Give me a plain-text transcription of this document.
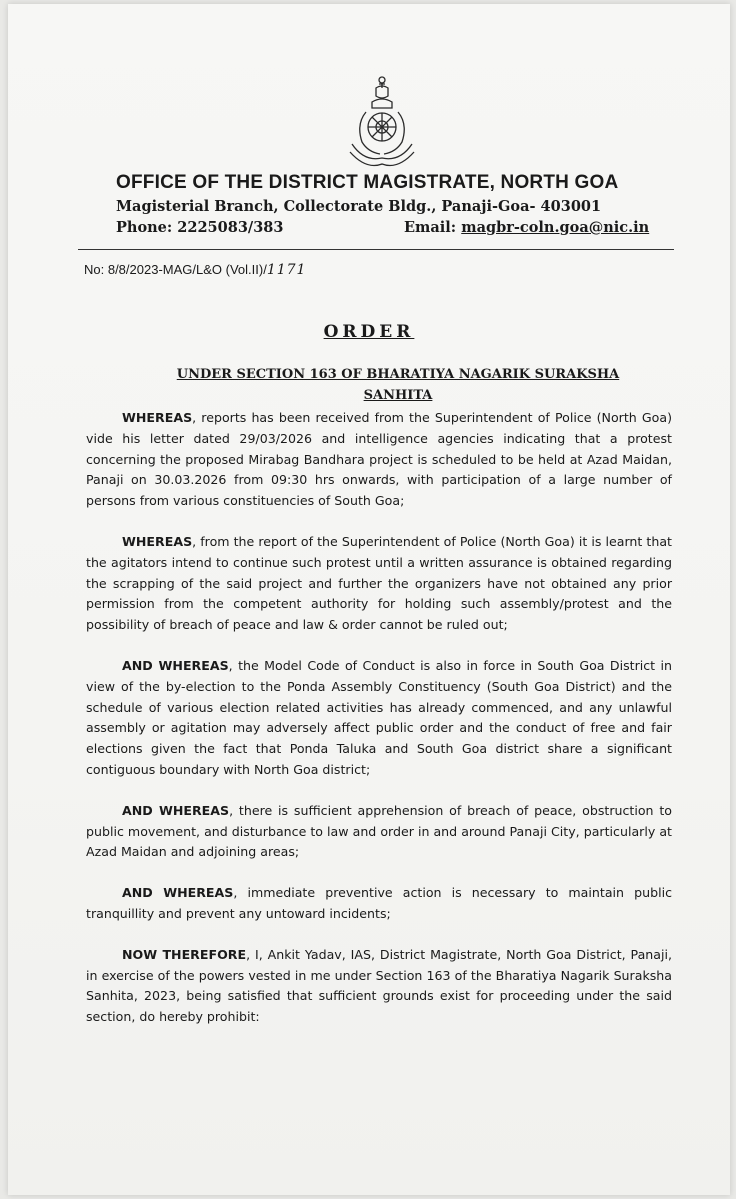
OFFICE OF THE DISTRICT MAGISTRATE, NORTH GOA
Magisterial Branch, Collectorate Bldg., Panaji-Goa- 403001
Phone: 2225083/383	Email: magbr-coln.goa@nic.in
No: 8/8/2023-MAG/L&O (Vol.II)/1171
ORDER
UNDER SECTION 163 OF BHARATIYA NAGARIK SURAKSHA
SANHITA

WHEREAS, reports has been received from the Superintendent of Police (North Goa) vide his letter dated 29/03/2026 and intelligence agencies indicating that a protest concerning the proposed Mirabag Bandhara project is scheduled to be held at Azad Maidan, Panaji on 30.03.2026 from 09:30 hrs onwards, with participation of a large number of persons from various constituencies of South Goa;

WHEREAS, from the report of the Superintendent of Police (North Goa) it is learnt that the agitators intend to continue such protest until a written assurance is obtained regarding the scrapping of the said project and further the organizers have not obtained any prior permission from the competent authority for holding such assembly/protest and the possibility of breach of peace and law & order cannot be ruled out;

AND WHEREAS, the Model Code of Conduct is also in force in South Goa District in view of the by-election to the Ponda Assembly Constituency (South Goa District) and the schedule of various election related activities has already commenced, and any unlawful assembly or agitation may adversely affect public order and the conduct of free and fair elections given the fact that Ponda Taluka and South Goa district share a significant contiguous boundary with North Goa district;

AND WHEREAS, there is sufficient apprehension of breach of peace, obstruction to public movement, and disturbance to law and order in and around Panaji City, particularly at Azad Maidan and adjoining areas;

AND WHEREAS, immediate preventive action is necessary to maintain public tranquillity and prevent any untoward incidents;

NOW THEREFORE, I, Ankit Yadav, IAS, District Magistrate, North Goa District, Panaji, in exercise of the powers vested in me under Section 163 of the Bharatiya Nagarik Suraksha Sanhita, 2023, being satisfied that sufficient grounds exist for proceeding under the said section, do hereby prohibit:
